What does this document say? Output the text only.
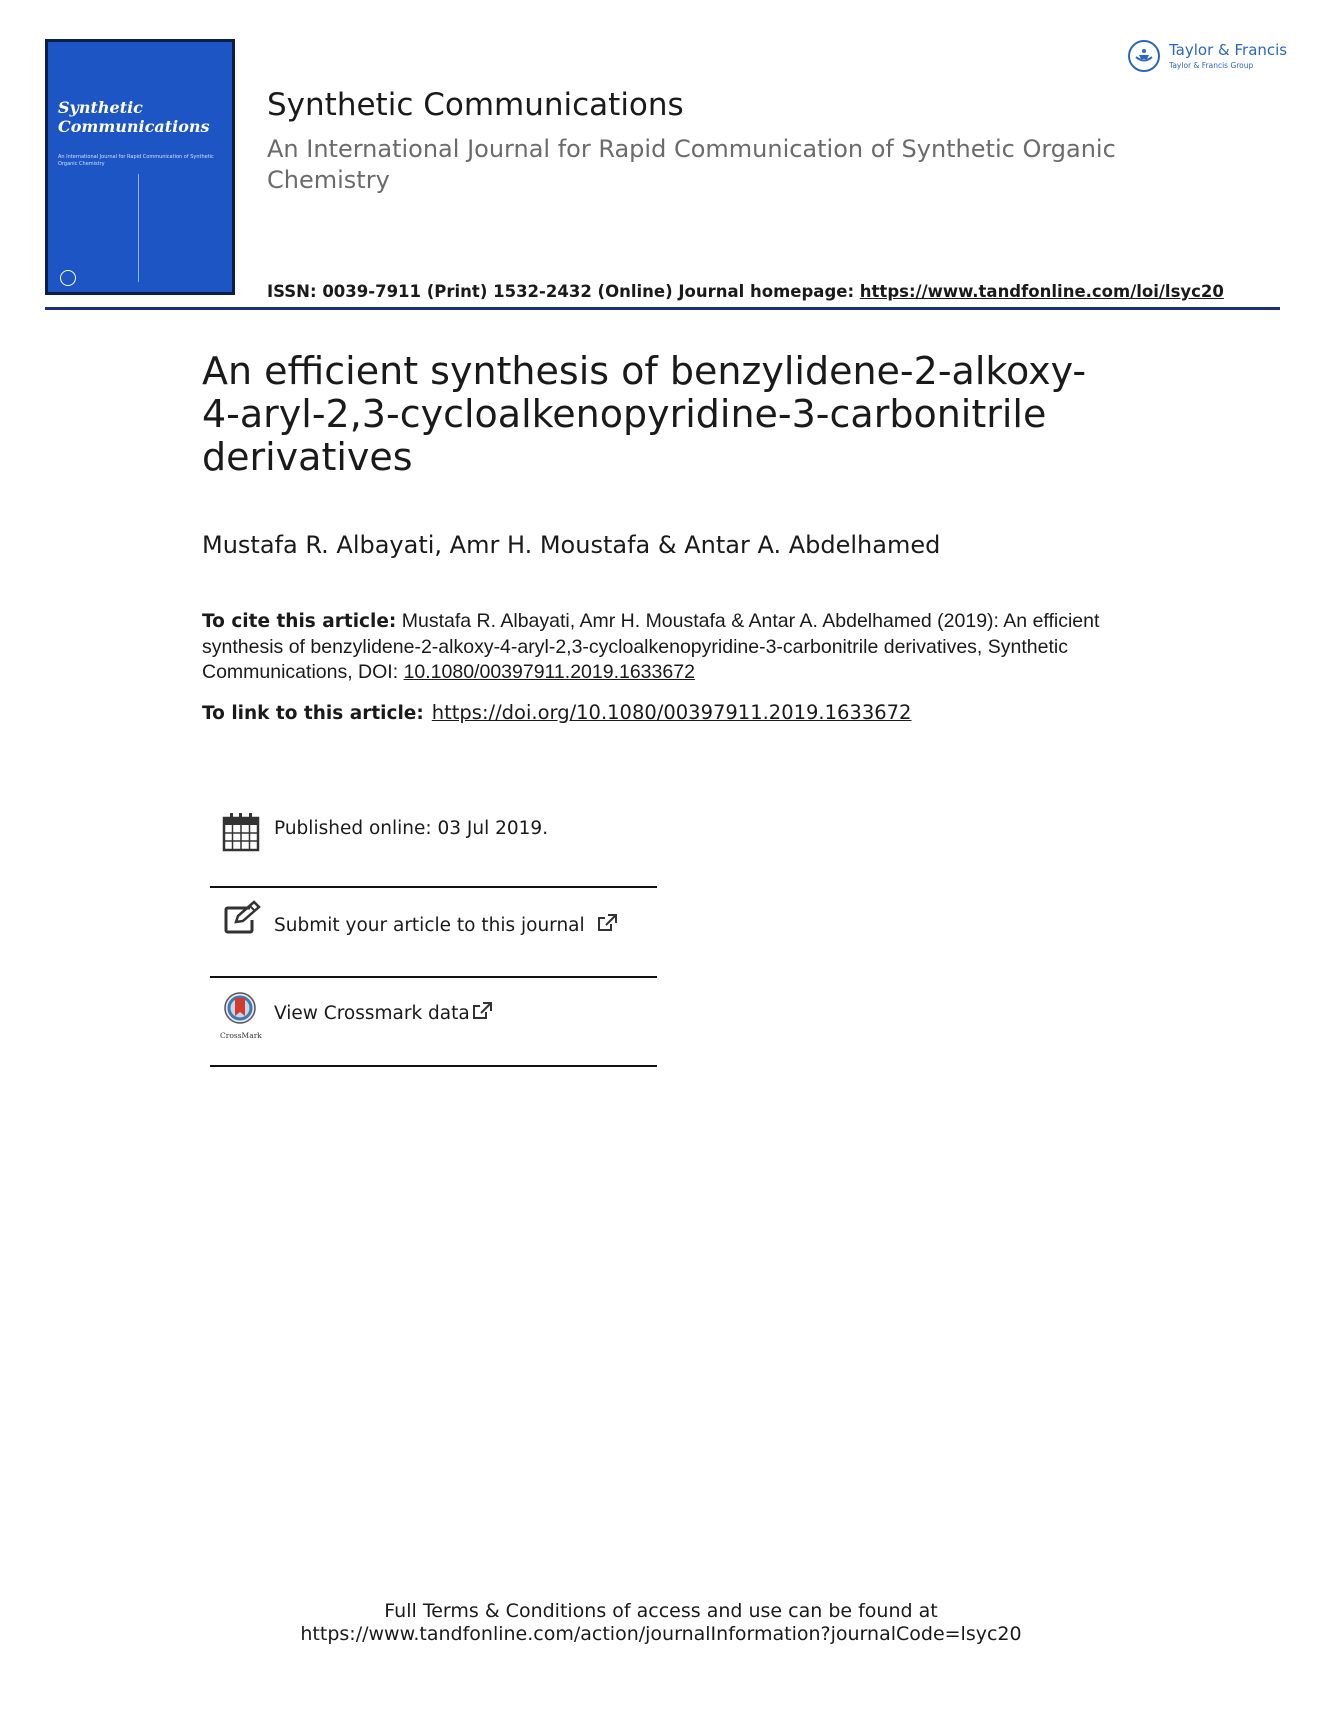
Synthetic
Communications
An International Journal for Rapid Communication of Synthetic Organic Chemistry
Synthetic Communications
An International Journal for Rapid Communication of Synthetic Organic Chemistry
ISSN: 0039-7911 (Print) 1532-2432 (Online) Journal homepage: https://www.tandfonline.com/loi/lsyc20
Taylor & Francis
Taylor & Francis Group
An efficient synthesis of benzylidene-2-alkoxy-4-aryl-2,3-cycloalkenopyridine-3-carbonitrile derivatives
Mustafa R. Albayati, Amr H. Moustafa & Antar A. Abdelhamed
To cite this article: Mustafa R. Albayati, Amr H. Moustafa & Antar A. Abdelhamed (2019): An efficient synthesis of benzylidene-2-alkoxy-4-aryl-2,3-cycloalkenopyridine-3-carbonitrile derivatives, Synthetic Communications, DOI: 10.1080/00397911.2019.1633672
To link to this article: https://doi.org/10.1080/00397911.2019.1633672
Published online: 03 Jul 2019.
Submit your article to this journal
CrossMark
View Crossmark data
Full Terms & Conditions of access and use can be found at
https://www.tandfonline.com/action/journalInformation?journalCode=lsyc20
